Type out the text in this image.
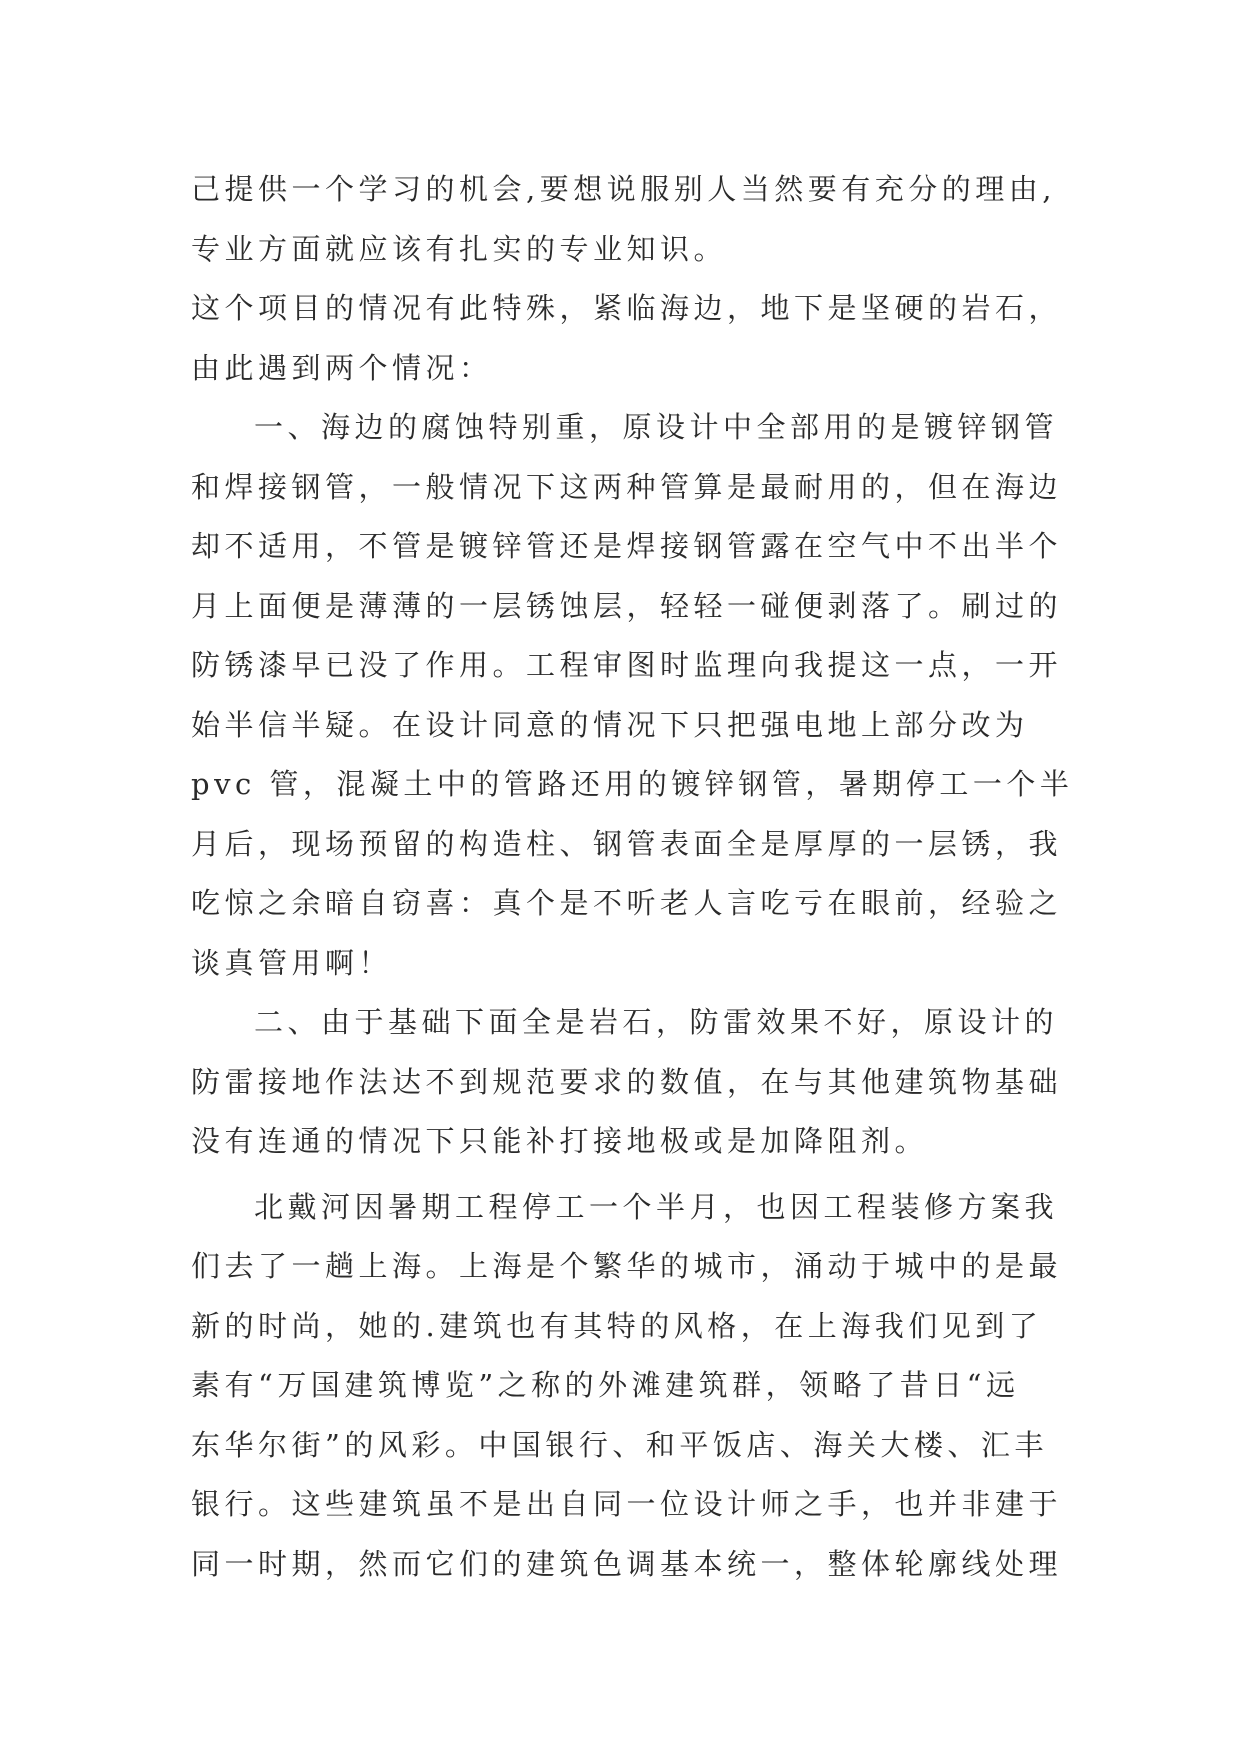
己提供一个学习的机会,要想说服别人当然要有充分的理由,
专业方面就应该有扎实的专业知识。
这个项目的情况有此特殊，紧临海边，地下是坚硬的岩石，
由此遇到两个情况：
一、海边的腐蚀特别重，原设计中全部用的是镀锌钢管
和焊接钢管，一般情况下这两种管算是最耐用的，但在海边
却不适用，不管是镀锌管还是焊接钢管露在空气中不出半个
月上面便是薄薄的一层锈蚀层，轻轻一碰便剥落了。刷过的
防锈漆早已没了作用。工程审图时监理向我提这一点，一开
始半信半疑。在设计同意的情况下只把强电地上部分改为
pvc 管，混凝土中的管路还用的镀锌钢管，暑期停工一个半
月后，现场预留的构造柱、钢管表面全是厚厚的一层锈，我
吃惊之余暗自窃喜：真个是不听老人言吃亏在眼前，经验之
谈真管用啊！
二、由于基础下面全是岩石，防雷效果不好，原设计的
防雷接地作法达不到规范要求的数值，在与其他建筑物基础
没有连通的情况下只能补打接地极或是加降阻剂。
北戴河因暑期工程停工一个半月，也因工程装修方案我
们去了一趟上海。上海是个繁华的城市，涌动于城中的是最
新的时尚，她的.建筑也有其特的风格，在上海我们见到了
素有“万国建筑博览”之称的外滩建筑群，领略了昔日“远
东华尔街”的风彩。中国银行、和平饭店、海关大楼、汇丰
银行。这些建筑虽不是出自同一位设计师之手，也并非建于
同一时期，然而它们的建筑色调基本统一，整体轮廓线处理
